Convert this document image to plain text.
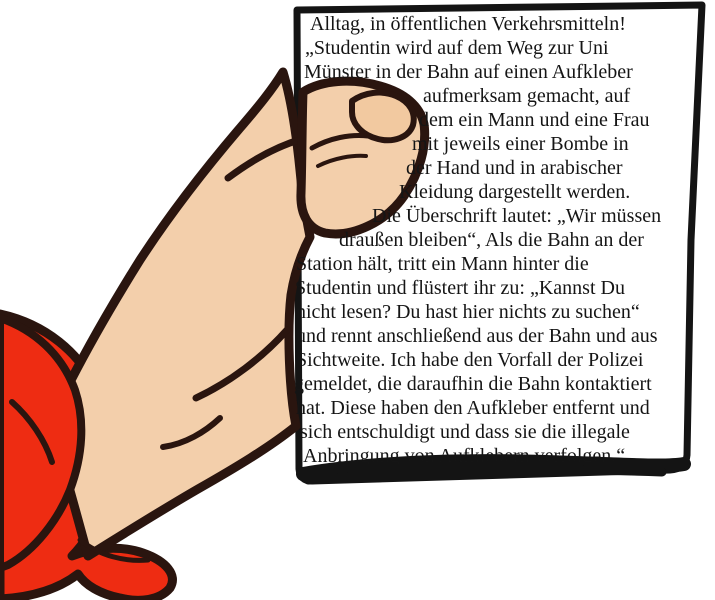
Alltag, in öffentlichen Verkehrsmitteln!
„Studentin wird auf dem Weg zur Uni
Münster in der Bahn auf einen Aufkleber
aufmerksam gemacht, auf
dem ein Mann und eine Frau
mit jeweils einer Bombe in
der Hand und in arabischer
Kleidung dargestellt werden.
Die Überschrift lautet: „Wir müssen
draußen bleiben“, Als die Bahn an der
Station hält, tritt ein Mann hinter die
Studentin und flüstert ihr zu: „Kannst Du
nicht lesen? Du hast hier nichts zu suchen“
und rennt anschließend aus der Bahn und aus
Sichtweite. Ich habe den Vorfall der Polizei
gemeldet, die daraufhin die Bahn kontaktiert
hat. Diese haben den Aufkleber entfernt und
sich entschuldigt und dass sie die illegale
Anbringung von Aufklebern verfolgen.“
